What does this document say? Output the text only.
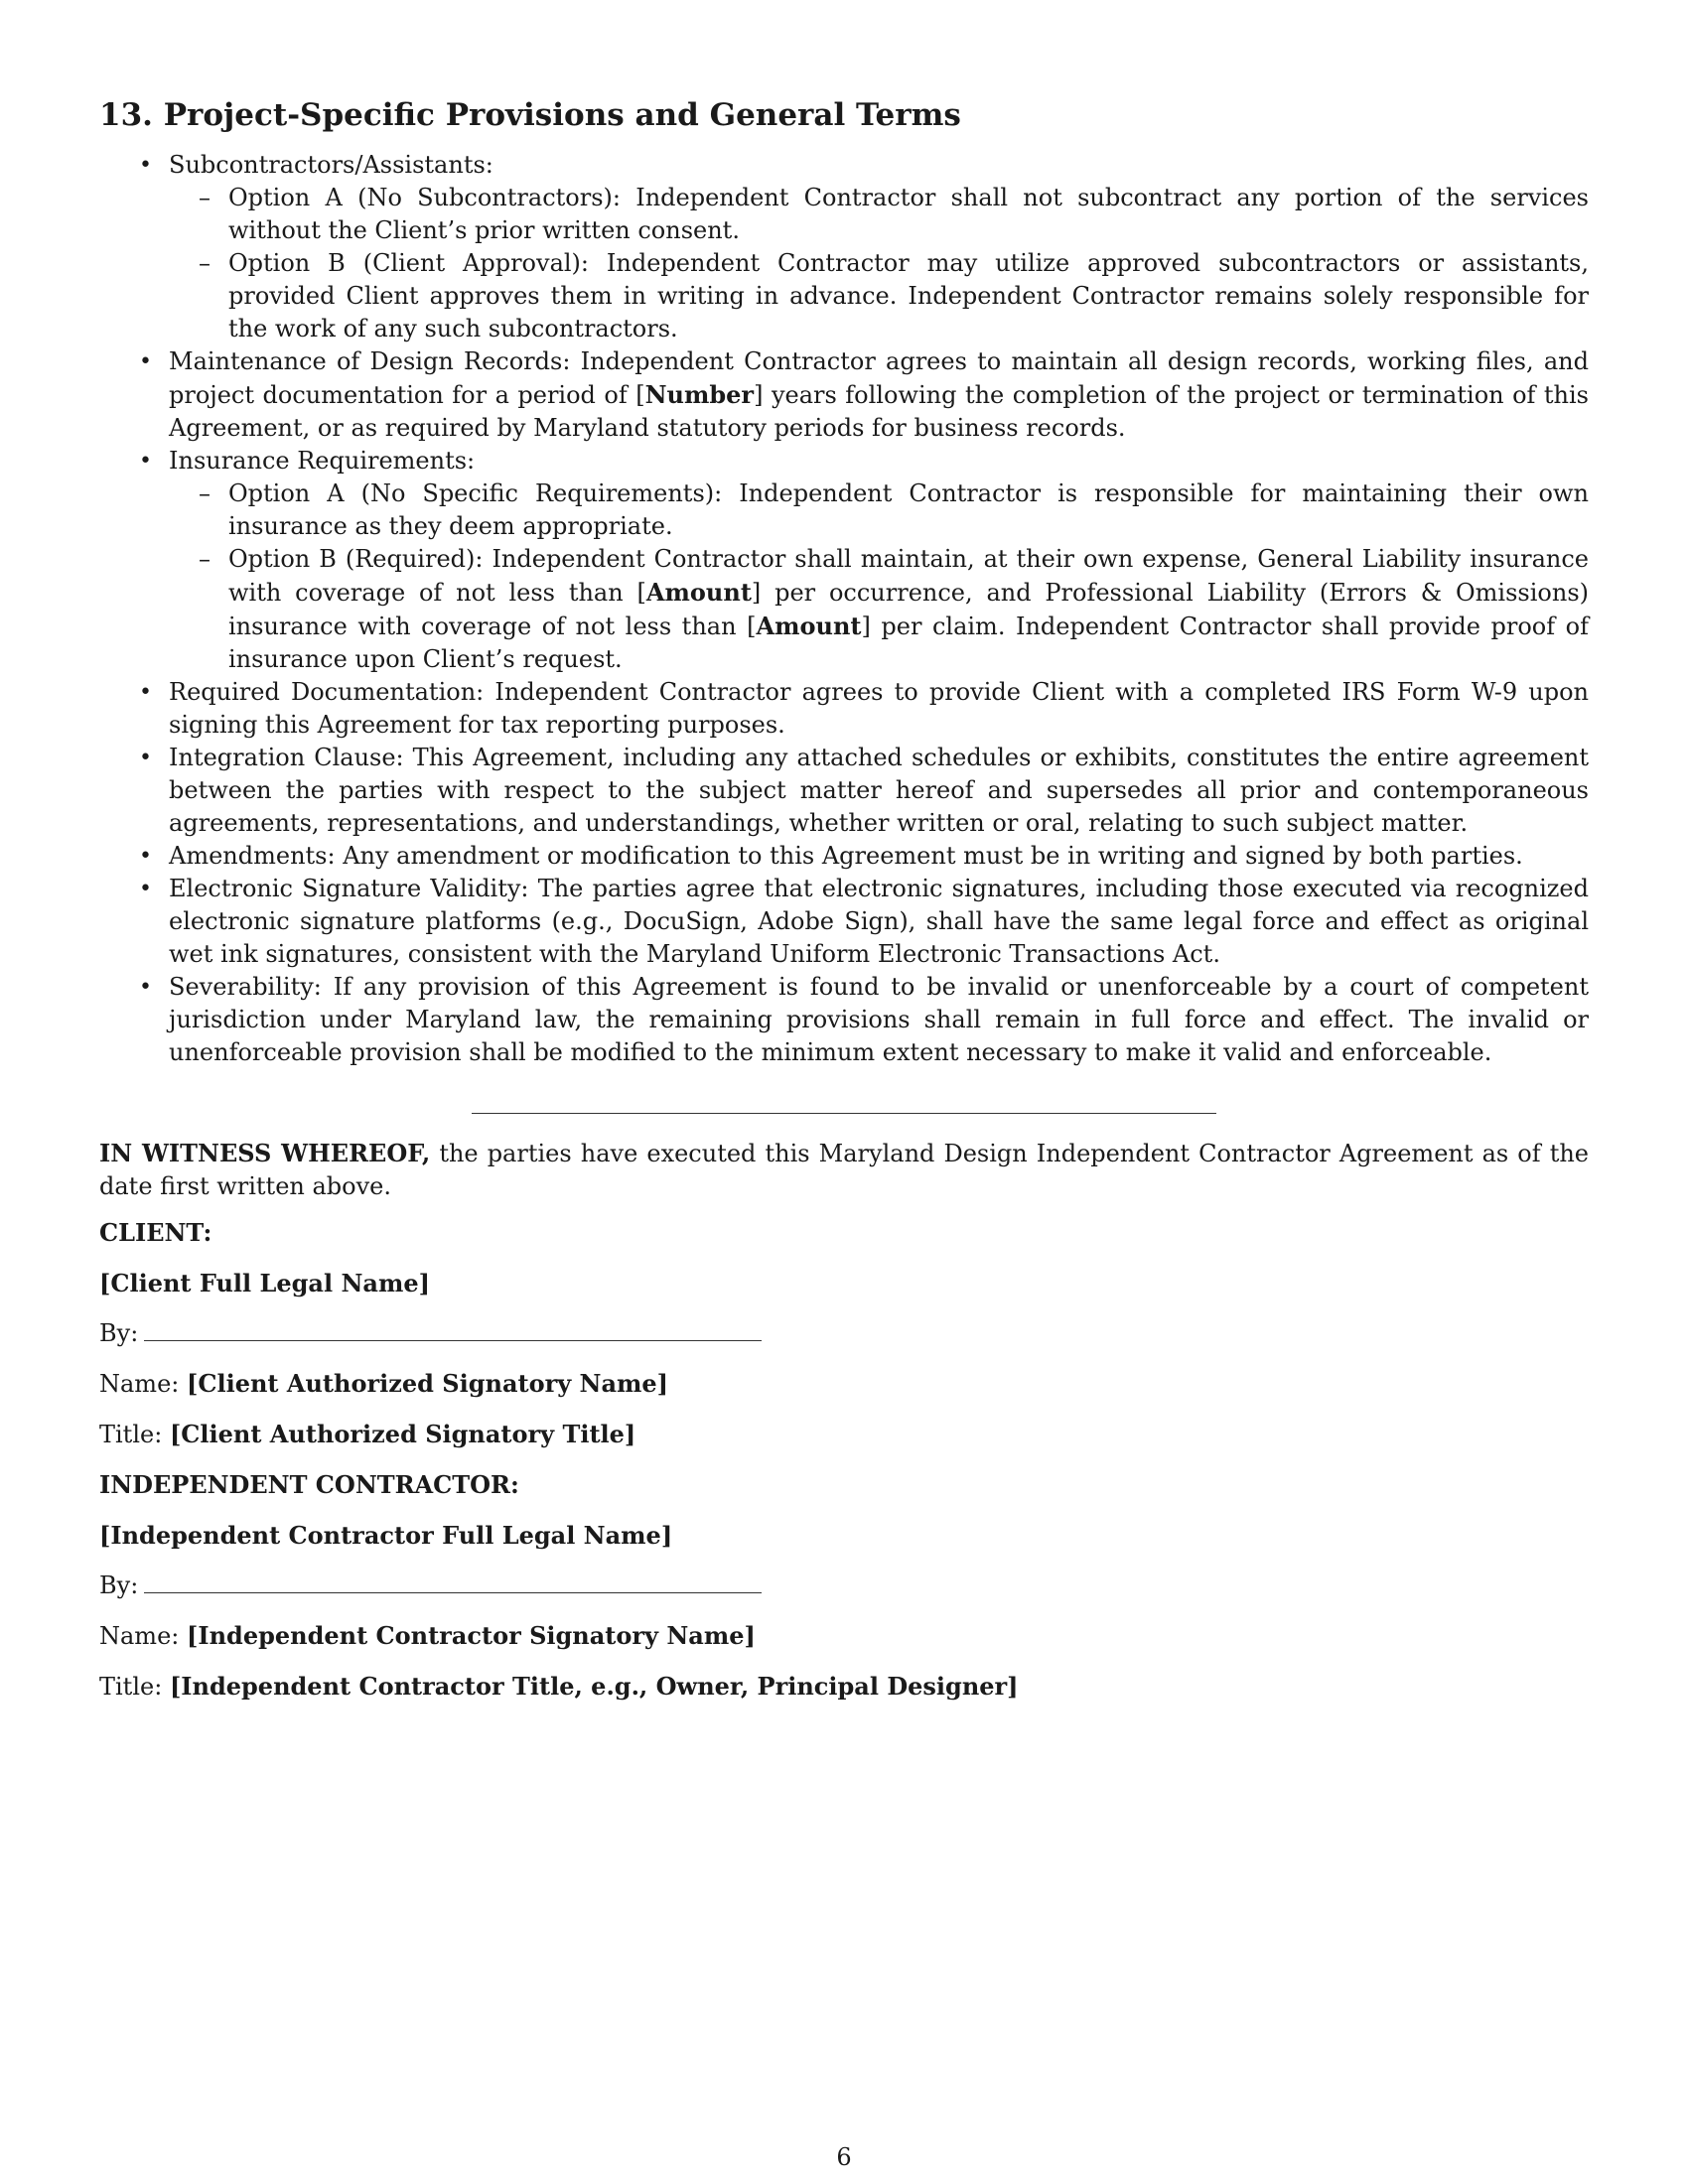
13. Project-Specific Provisions and General Terms
• Subcontractors/Assistants:
– Option A (No Subcontractors): Independent Contractor shall not subcontract any portion of the services without the Client’s prior written consent.
– Option B (Client Approval): Independent Contractor may utilize approved subcontractors or assistants, provided Client approves them in writing in advance. Independent Contractor remains solely responsible for the work of any such subcontractors.
• Maintenance of Design Records: Independent Contractor agrees to maintain all design records, working files, and project documentation for a period of [Number] years following the completion of the project or termination of this Agreement, or as required by Maryland statutory periods for business records.
• Insurance Requirements:
– Option A (No Specific Requirements): Independent Contractor is responsible for maintaining their own insurance as they deem appropriate.
– Option B (Required): Independent Contractor shall maintain, at their own expense, General Liability insurance with coverage of not less than [Amount] per occurrence, and Professional Liability (Errors & Omissions) insurance with coverage of not less than [Amount] per claim. Independent Contractor shall provide proof of insurance upon Client’s request.
• Required Documentation: Independent Contractor agrees to provide Client with a completed IRS Form W-9 upon signing this Agreement for tax reporting purposes.
• Integration Clause: This Agreement, including any attached schedules or exhibits, constitutes the entire agreement between the parties with respect to the subject matter hereof and supersedes all prior and contemporaneous agreements, representations, and understandings, whether written or oral, relating to such subject matter.
• Amendments: Any amendment or modification to this Agreement must be in writing and signed by both parties.
• Electronic Signature Validity: The parties agree that electronic signatures, including those executed via recognized electronic signature platforms (e.g., DocuSign, Adobe Sign), shall have the same legal force and effect as original wet ink signatures, consistent with the Maryland Uniform Electronic Transactions Act.
• Severability: If any provision of this Agreement is found to be invalid or unenforceable by a court of competent jurisdiction under Maryland law, the remaining provisions shall remain in full force and effect. The invalid or unenforceable provision shall be modified to the minimum extent necessary to make it valid and enforceable.
IN WITNESS WHEREOF, the parties have executed this Maryland Design Independent Contractor Agreement as of the date first written above.

CLIENT:

[Client Full Legal Name]

By:

Name: [Client Authorized Signatory Name]

Title: [Client Authorized Signatory Title]

INDEPENDENT CONTRACTOR:

[Independent Contractor Full Legal Name]

By:

Name: [Independent Contractor Signatory Name]

Title: [Independent Contractor Title, e.g., Owner, Principal Designer]

6
